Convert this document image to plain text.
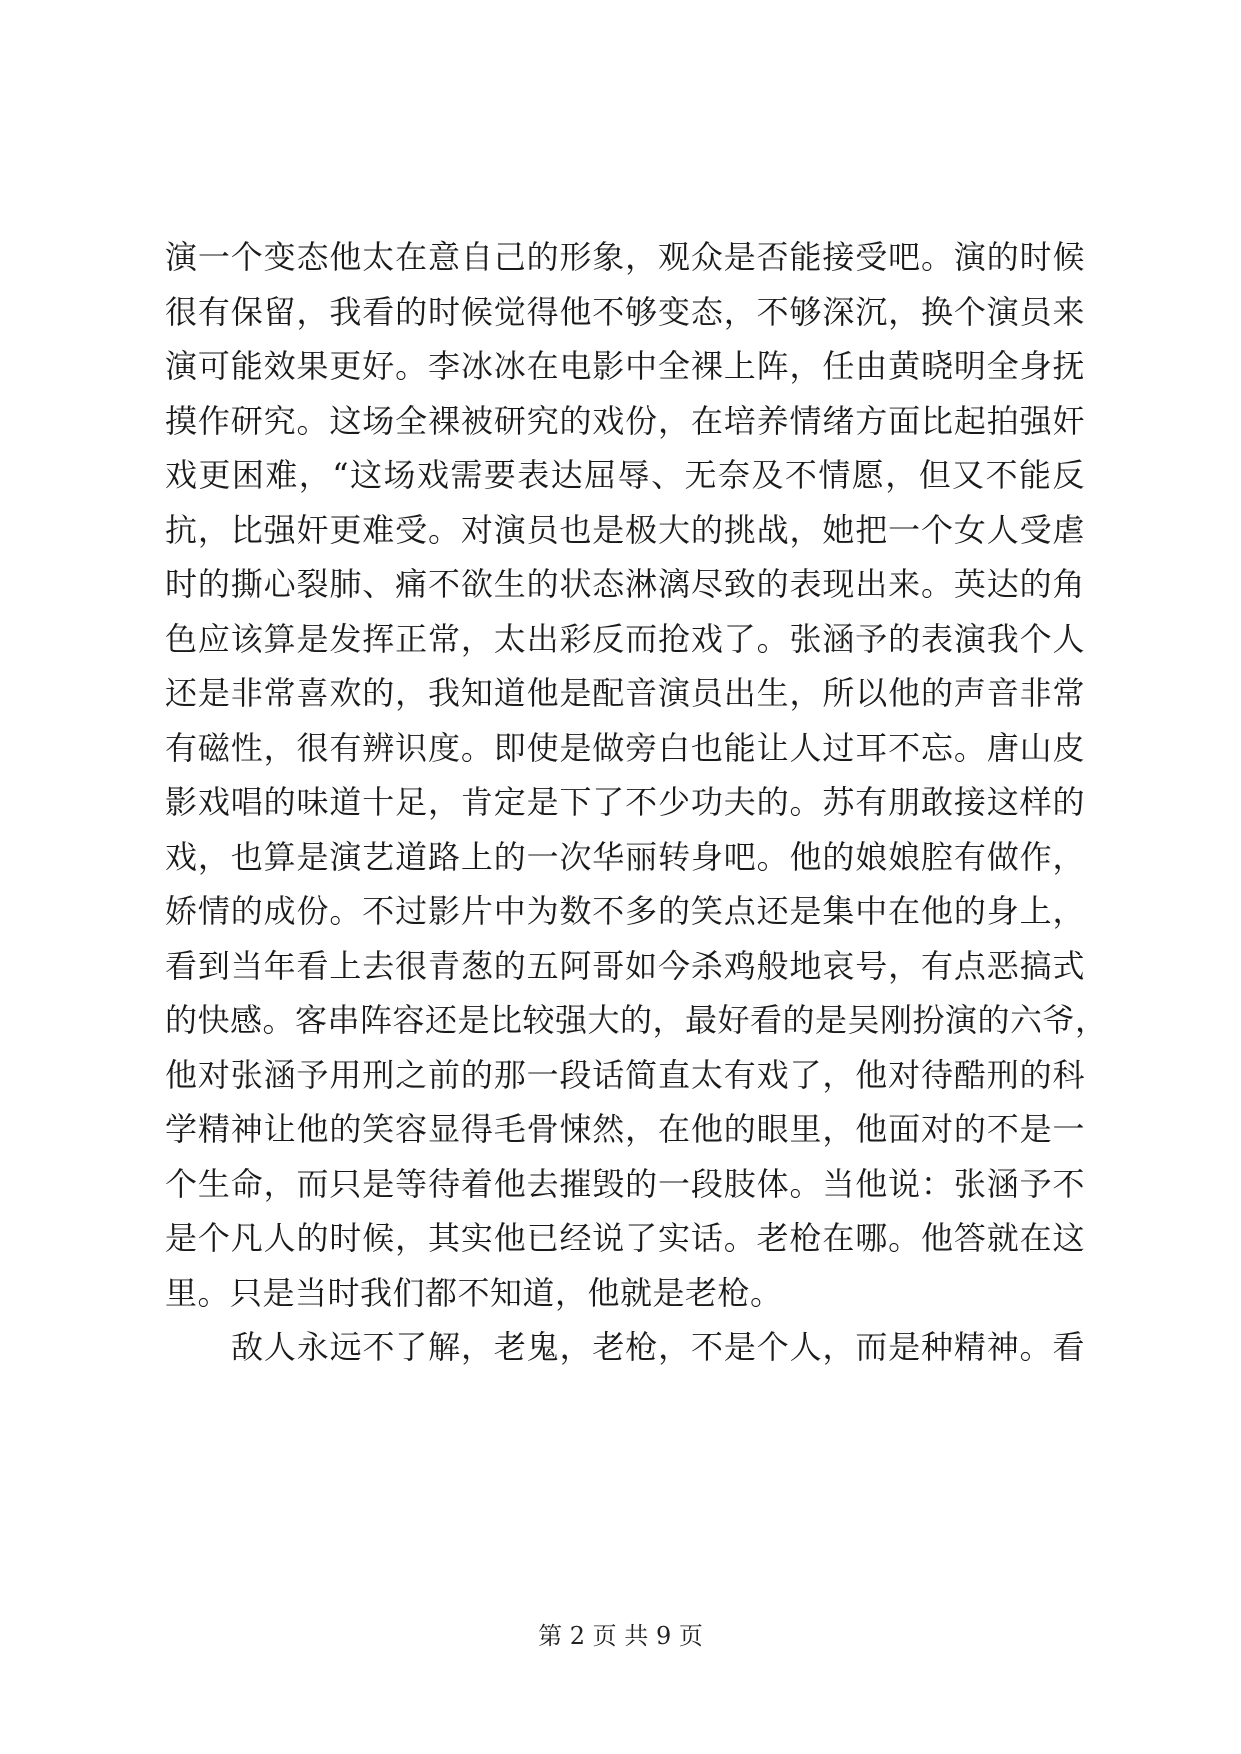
演一个变态他太在意自己的形象，观众是否能接受吧。演的时候
很有保留，我看的时候觉得他不够变态，不够深沉，换个演员来
演可能效果更好。李冰冰在电影中全裸上阵，任由黄晓明全身抚
摸作研究。这场全裸被研究的戏份，在培养情绪方面比起拍强奸
戏更困难，“这场戏需要表达屈辱、无奈及不情愿，但又不能反
抗，比强奸更难受。对演员也是极大的挑战，她把一个女人受虐
时的撕心裂肺、痛不欲生的状态淋漓尽致的表现出来。英达的角
色应该算是发挥正常，太出彩反而抢戏了。张涵予的表演我个人
还是非常喜欢的，我知道他是配音演员出生，所以他的声音非常
有磁性，很有辨识度。即使是做旁白也能让人过耳不忘。唐山皮
影戏唱的味道十足，肯定是下了不少功夫的。苏有朋敢接这样的
戏，也算是演艺道路上的一次华丽转身吧。他的娘娘腔有做作，
娇情的成份。不过影片中为数不多的笑点还是集中在他的身上，
看到当年看上去很青葱的五阿哥如今杀鸡般地哀号，有点恶搞式
的快感。客串阵容还是比较强大的，最好看的是吴刚扮演的六爷，
他对张涵予用刑之前的那一段话简直太有戏了，他对待酷刑的科
学精神让他的笑容显得毛骨悚然，在他的眼里，他面对的不是一
个生命，而只是等待着他去摧毁的一段肢体。当他说：张涵予不
是个凡人的时候，其实他已经说了实话。老枪在哪。他答就在这
里。只是当时我们都不知道，他就是老枪。
敌人永远不了解，老鬼，老枪，不是个人，而是种精神。看
第 2 页 共 9 页
